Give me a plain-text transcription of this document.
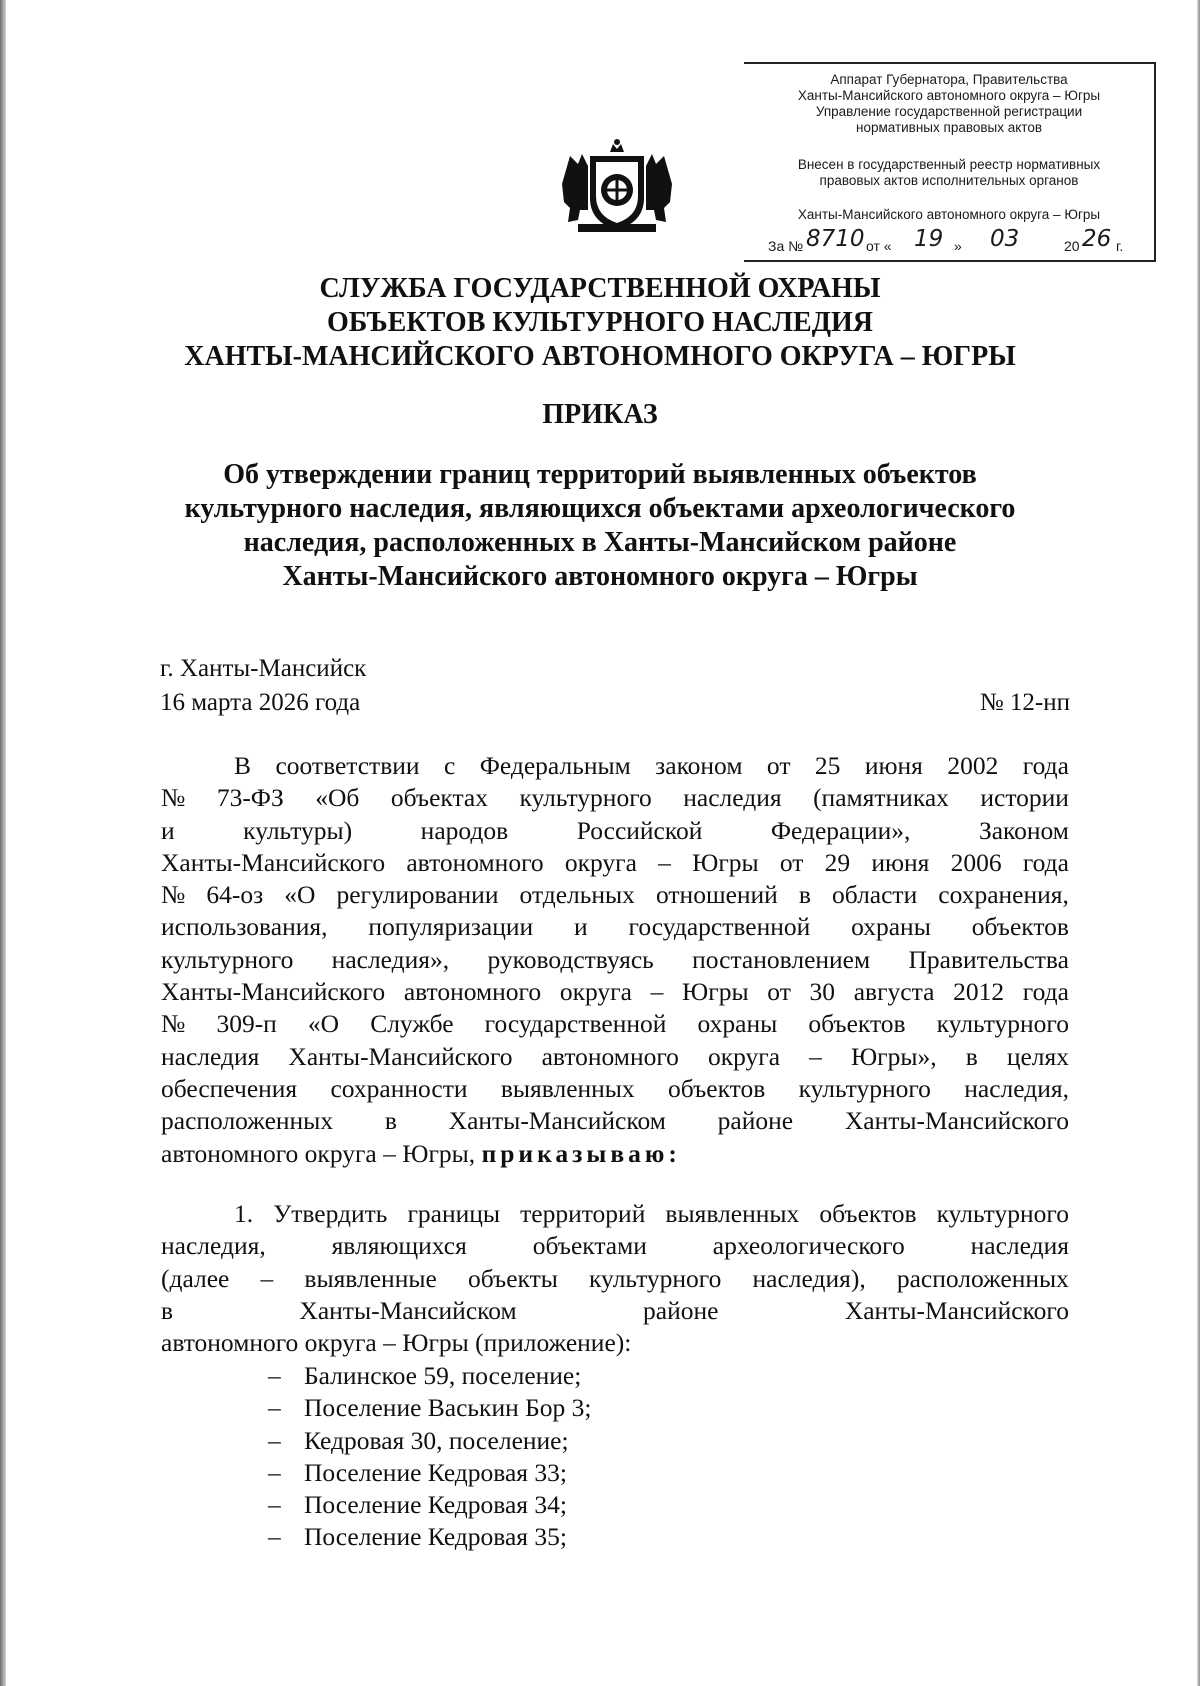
Аппарат Губернатора, Правительства
Ханты-Мансийского автономного округа – Югры
Управление государственной регистрации
нормативных правовых актов
Внесен в государственный реестр нормативных
правовых актов исполнительных органов
Ханты-Мансийского автономного округа – Югры
За № 8710 от « 19 » 03	20 26 г.
СЛУЖБА ГОСУДАРСТВЕННОЙ ОХРАНЫ
ОБЪЕКТОВ КУЛЬТУРНОГО НАСЛЕДИЯ
ХАНТЫ-МАНСИЙСКОГО АВТОНОМНОГО ОКРУГА – ЮГРЫ
ПРИКАЗ
Об утверждении границ территорий выявленных объектов
культурного наследия, являющихся объектами археологического
наследия, расположенных в Ханты-Мансийском районе
Ханты-Мансийского автономного округа – Югры
г. Ханты-Мансийск
16 марта 2026 года	№ 12-нп
В соответствии с Федеральным законом от 25 июня 2002 года
№ 73-ФЗ «Об объектах культурного наследия (памятниках истории
и	культуры)	народов	Российской	Федерации»,	Законом
Ханты-Мансийского автономного округа – Югры от 29 июня 2006 года
№ 64-оз «О регулировании отдельных отношений в области сохранения,
использования, популяризации и государственной охраны объектов
культурного наследия», руководствуясь постановлением Правительства
Ханты-Мансийского автономного округа – Югры от 30 августа 2012 года
№ 309-п «О Службе государственной охраны объектов культурного
наследия Ханты-Мансийского автономного округа – Югры», в целях
обеспечения сохранности выявленных объектов культурного наследия,
расположенных в Ханты-Мансийском районе Ханты-Мансийского
автономного округа – Югры,
приказываю:
1. Утвердить границы территорий выявленных объектов культурного
наследия,	являющихся	объектами	археологического	наследия
(далее – выявленные объекты культурного наследия), расположенных
в	Ханты-Мансийском	районе	Ханты-Мансийского
автономного округа – Югры (приложение):
– Балинское 59, поселение;
– Поселение Васькин Бор 3;
– Кедровая 30, поселение;
– Поселение Кедровая 33;
– Поселение Кедровая 34;
– Поселение Кедровая 35;
